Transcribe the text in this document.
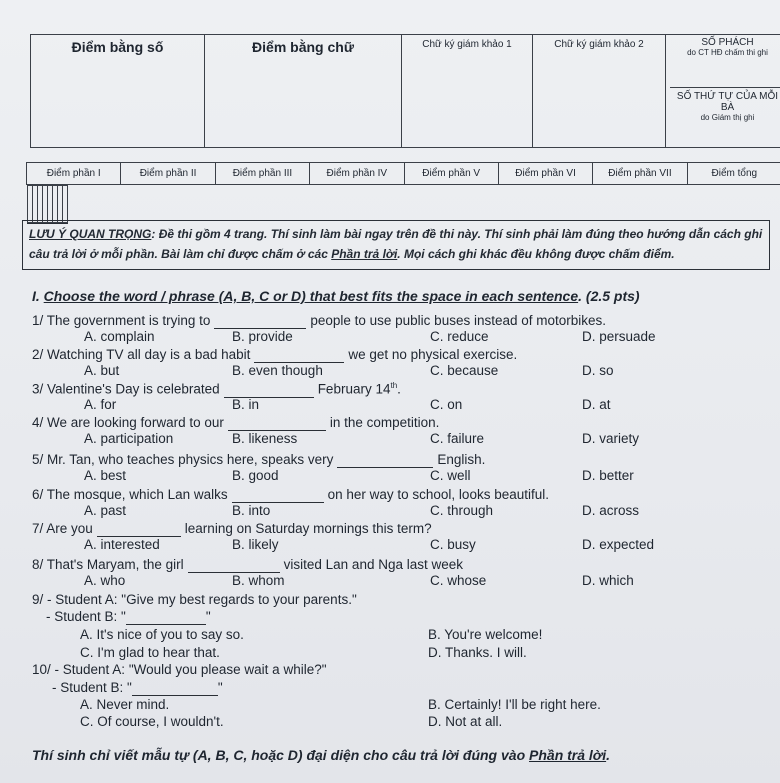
Điểm bằng số	Điểm bằng chữ	Chữ ký giám khảo 1	Chữ ký giám khảo 2	SỐ PHÁCH
do CT HĐ chấm thi ghi
SỐ THỨ TỰ CỦA MỖI BÀ
do Giám thị ghi
Điểm phần I	Điểm phần II	Điểm phần III	Điểm phần IV	Điểm phần V	Điểm phần VI	Điểm phần VII	Điểm tổng

LƯU Ý QUAN TRỌNG: Đề thi gồm 4 trang. Thí sinh làm bài ngay trên đề thi này. Thí sinh phải làm đúng theo hướng dẫn cách ghi câu trả lời ở mỗi phần. Bài làm chỉ được chấm ở các Phần trả lời. Mọi cách ghi khác đều không được chấm điểm.
I. Choose the word / phrase (A, B, C or D) that best fits the space in each sentence. (2.5 pts)
1/ The government is trying to	people to use public buses instead of motorbikes.
A. complain	B. provide	C. reduce	D. persuade
2/ Watching TV all day is a bad habit	we get no physical exercise.
A. but	B. even though	C. because	D. so
3/ Valentine's Day is celebrated	February 14th.
A. for	B. in	C. on	D. at
4/ We are looking forward to our	in the competition.
A. participation	B. likeness	C. failure	D. variety
5/ Mr. Tan, who teaches physics here, speaks very	English.
A. best	B. good	C. well	D. better
6/ The mosque, which Lan walks	on her way to school, looks beautiful.
A. past	B. into	C. through	D. across
7/ Are you	learning on Saturday mornings this term?
A. interested	B. likely	C. busy	D. expected
8/ That's Maryam, the girl	visited Lan and Nga last week
A. who	B. whom	C. whose	D. which
9/ - Student A: "Give my best regards to your parents."
- Student B: "	"
A. It's nice of you to say so.	B. You're welcome!
C. I'm glad to hear that.	D. Thanks. I will.
10/ - Student A: "Would you please wait a while?"
- Student B: "	"
A. Never mind.	B. Certainly! I'll be right here.
C. Of course, I wouldn't.	D. Not at all.
Thí sinh chỉ viết mẫu tự (A, B, C, hoặc D) đại diện cho câu trả lời đúng vào Phần trả lời.
